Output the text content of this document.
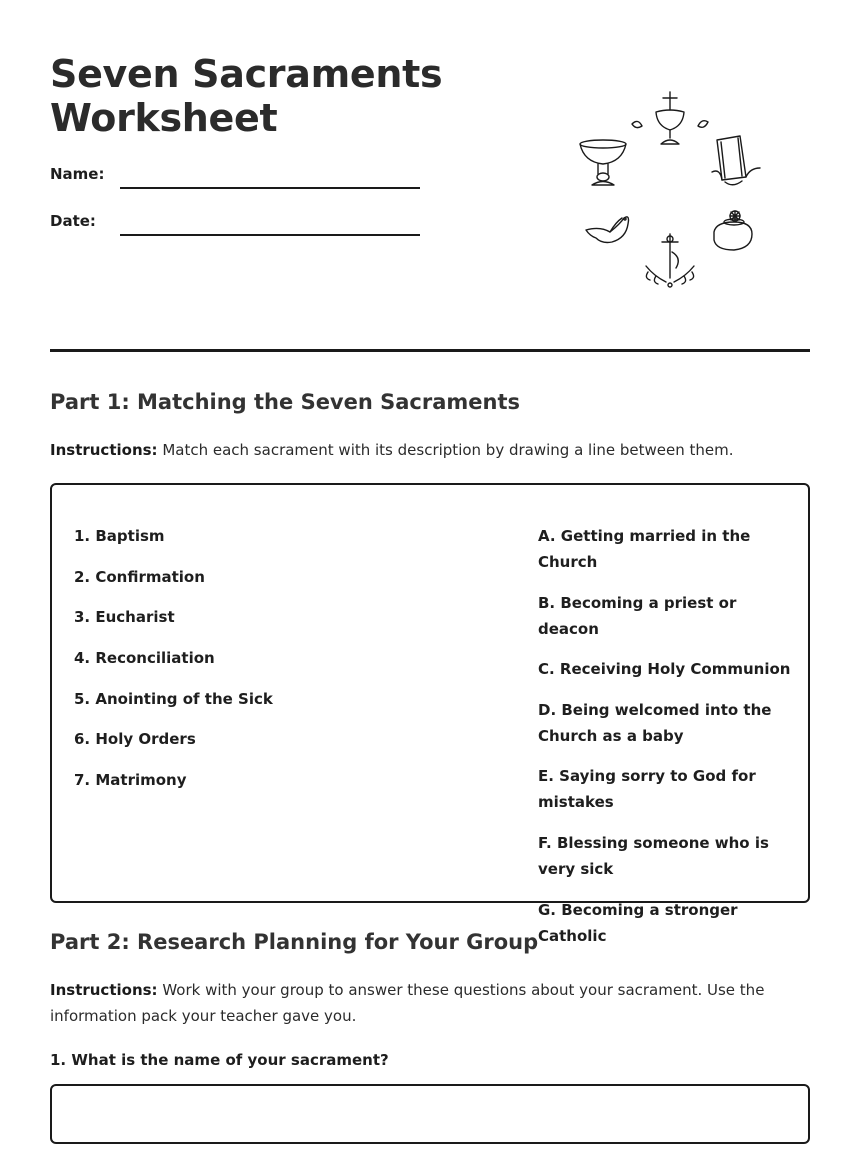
Seven Sacraments
Worksheet
Name:
Date:
Part 1: Matching the Seven Sacraments

Instructions: Match each sacrament with its description by drawing a line between them.

1. Baptism
2. Confirmation
3. Eucharist
4. Reconciliation
5. Anointing of the Sick
6. Holy Orders
7. Matrimony
A. Getting married in the Church
B. Becoming a priest or deacon
C. Receiving Holy Communion
D. Being welcomed into the Church as a baby
E. Saying sorry to God for mistakes
F. Blessing someone who is very sick
G. Becoming a stronger Catholic
Part 2: Research Planning for Your Group

Instructions: Work with your group to answer these questions about your sacrament. Use the information pack your teacher gave you.

1. What is the name of your sacrament?
